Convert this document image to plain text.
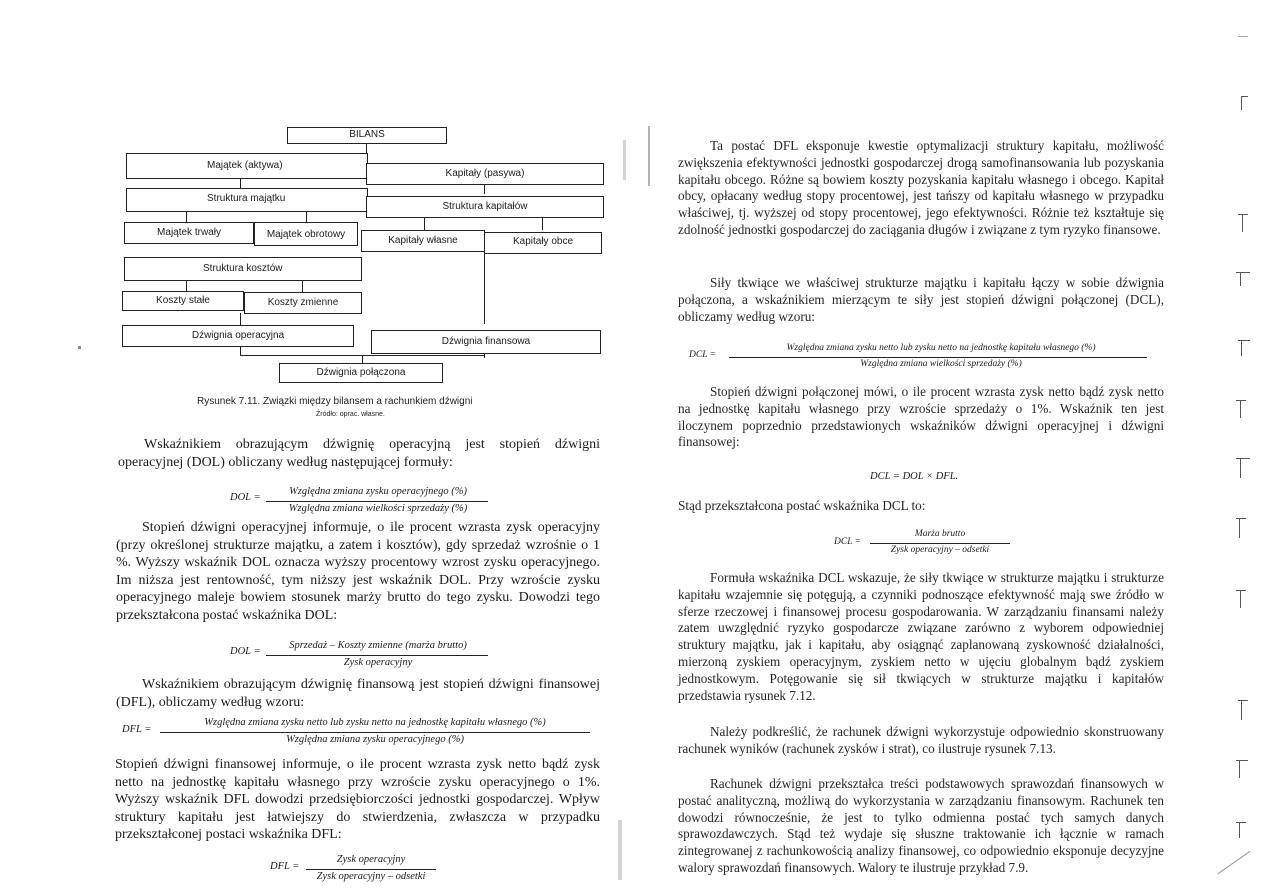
BILANS
Majątek (aktywa)
Kapitały (pasywa)
Struktura majątku
Struktura kapitałów
Majątek trwały	Majątek obrotowy
Kapitały własne	Kapitały obce
Struktura kosztów
Koszty stałe	Koszty zmienne
Dźwignia operacyjna
Dźwignia finansowa
Dźwignia połączona
Rysunek 7.11. Związki między bilansem a rachunkiem dźwigni
Źródło: oprac. własne.

Wskaźnikiem obrazującym dźwignię operacyjną jest stopień dźwigni operacyjnej (DOL) obliczany według następującej formuły:

DOL =
Względna zmiana zysku operacyjnego (%)
Względna zmiana wielkości sprzedaży (%)

Stopień dźwigni operacyjnej informuje, o ile procent wzrasta zysk operacyjny (przy określonej strukturze majątku, a zatem i kosztów), gdy sprzedaż wzrośnie o 1 %. Wyższy wskaźnik DOL oznacza wyższy procentowy wzrost zysku operacyjnego. Im niższa jest rentowność, tym niższy jest wskaźnik DOL. Przy wzroście zysku operacyjnego maleje bowiem stosunek marży brutto do tego zysku. Dowodzi tego przekształcona postać wskaźnika DOL:

DOL =
Sprzedaż – Koszty zmienne (marża brutto)
Zysk operacyjny

Wskaźnikiem obrazującym dźwignię finansową jest stopień dźwigni finansowej (DFL), obliczamy według wzoru:

DFL =
Względna zmiana zysku netto lub zysku netto na jednostkę kapitału własnego (%)
Względna zmiana zysku operacyjnego (%)

Stopień dźwigni finansowej informuje, o ile procent wzrasta zysk netto bądź zysk netto na jednostkę kapitału własnego przy wzroście zysku operacyjnego o 1%. Wyższy wskaźnik DFL dowodzi przedsiębiorczości jednostki gospodarczej. Wpływ struktury kapitału jest łatwiejszy do stwierdzenia, zwłaszcza w przypadku przekształconej postaci wskaźnika DFL:

DFL =
Zysk operacyjny
Zysk operacyjny – odsetki

Ta postać DFL eksponuje kwestie optymalizacji struktury kapitału, możliwość zwiększenia efektywności jednostki gospodarczej drogą samofinansowania lub pozyskania kapitału obcego. Różne są bowiem koszty pozyskania kapitału własnego i obcego. Kapitał obcy, opłacany według stopy procentowej, jest tańszy od kapitału własnego w przypadku właściwej, tj. wyższej od stopy procentowej, jego efektywności. Różnie też kształtuje się zdolność jednostki gospodarczej do zaciągania długów i związane z tym ryzyko finansowe.

Siły tkwiące we właściwej strukturze majątku i kapitału łączy w sobie dźwignia połączona, a wskaźnikiem mierzącym te siły jest stopień dźwigni połączonej (DCL), obliczamy według wzoru:

DCL =
Względna zmiana zysku netto lub zysku netto na jednostkę kapitału własnego (%)
Względna zmiana wielkości sprzedaży (%)

Stopień dźwigni połączonej mówi, o ile procent wzrasta zysk netto bądź zysk netto na jednostkę kapitału własnego przy wzroście sprzedaży o 1%. Wskaźnik ten jest iloczynem poprzednio przedstawionych wskaźników dźwigni operacyjnej i dźwigni finansowej:

DCL = DOL × DFL.

Stąd przekształcona postać wskaźnika DCL to:

DCL =
Marża brutto
Zysk operacyjny – odsetki

Formuła wskaźnika DCL wskazuje, że siły tkwiące w strukturze majątku i strukturze kapitału wzajemnie się potęgują, a czynniki podnoszące efektywność mają swe źródło w sferze rzeczowej i finansowej procesu gospodarowania. W zarządzaniu finansami należy zatem uwzględnić ryzyko gospodarcze związane zarówno z wyborem odpowiedniej struktury majątku, jak i kapitału, aby osiągnąć zaplanowaną zyskowność działalności, mierzoną zyskiem operacyjnym, zyskiem netto w ujęciu globalnym bądź zyskiem jednostkowym. Potęgowanie się sił tkwiących w strukturze majątku i kapitałów przedstawia rysunek 7.12.

Należy podkreślić, że rachunek dźwigni wykorzystuje odpowiednio skonstruowany rachunek wyników (rachunek zysków i strat), co ilustruje rysunek 7.13.

Rachunek dźwigni przekształca treści podstawowych sprawozdań finansowych w postać analityczną, możliwą do wykorzystania w zarządzaniu finansowym. Rachunek ten dowodzi równocześnie, że jest to tylko odmienna postać tych samych danych sprawozdawczych. Stąd też wydaje się słuszne traktowanie ich łącznie w ramach zintegrowanej z rachunkowością analizy finansowej, co odpowiednio eksponuje decyzyjne walory sprawozdań finansowych. Walory te ilustruje przykład 7.9.
